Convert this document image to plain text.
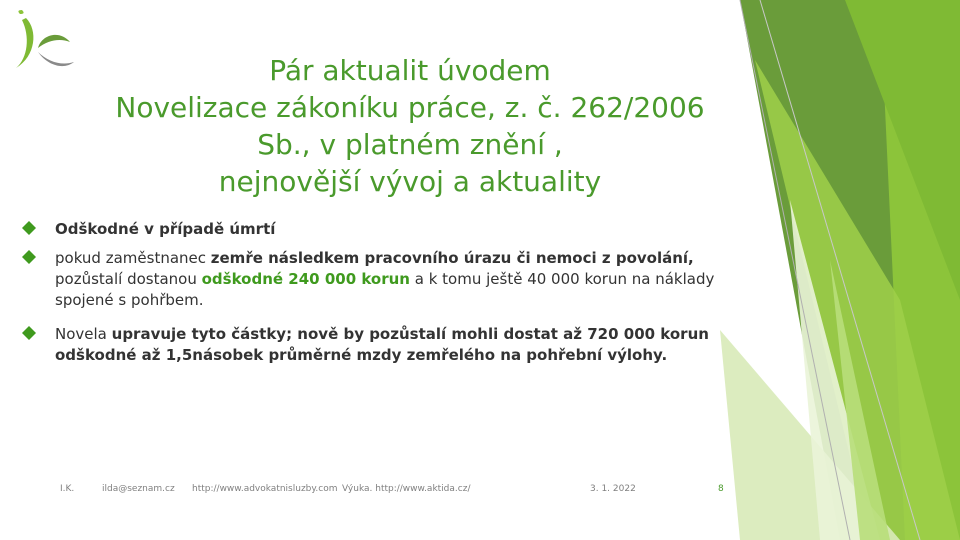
Pár aktualit úvodem
Novelizace zákoníku práce, z. č. 262/2006
Sb., v platném znění ,
nejnovější vývoj a aktuality
Odškodné v případě úmrtí
pokud zaměstnanec zemře následkem pracovního úrazu či nemoci z povolání, pozůstalí dostanou odškodné 240 000 korun a k tomu ještě 40 000 korun na náklady spojené s pohřbem.
Novela upravuje tyto částky; nově by pozůstalí mohli dostat až 720 000 korun odškodné až 1,5násobek průměrné mzdy zemřelého na pohřební výlohy.
I.K.	ilda@seznam.cz http://www.advokatnisluzby.com Výuka. http://www.aktida.cz/	3. 1. 2022	8
